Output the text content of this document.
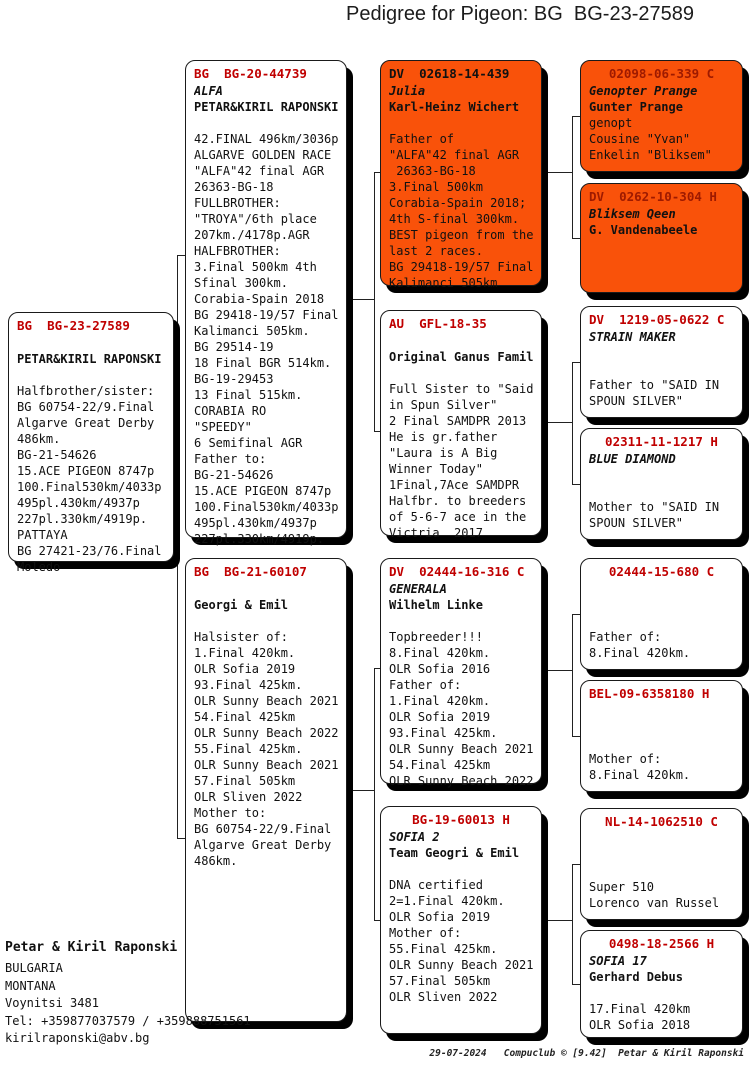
Pedigree for Pigeon: BG  BG-23-27589
BG  BG-23-27589

PETAR&KIRIL RAPONSKI

Halfbrother/sister:
BG 60754-22/9.Final
Algarve Great Derby
486km.
BG-21-54626
15.ACE PIGEON 8747p
100.Final530km/4033p
495pl.430km/4937p
227pl.330km/4919p.
PATTAYA
BG 27421-23/76.Final
Moledo
BG  BG-20-44739
ALFA
PETAR&KIRIL RAPONSKI

42.FINAL 496km/3036p
ALGARVE GOLDEN RACE
"ALFA"42 final AGR
26363-BG-18
FULLBROTHER:
"TROYA"/6th place
207km./4178p.AGR
HALFBROTHER:
3.Final 500km 4th
Sfinal 300km.
Corabia-Spain 2018
BG 29418-19/57 Final
Kalimanci 505km.
BG 29514-19
18 Final BGR 514km.
BG-19-29453
13 Final 515km.
CORABIA RO
"SPEEDY"
6 Semifinal AGR
Father to:
BG-21-54626
15.ACE PIGEON 8747p
100.Final530km/4033p
495pl.430km/4937p
227pl.330km/4919p.
BG  BG-21-60107

Georgi & Emil

Halsister of:
1.Final 420km.
OLR Sofia 2019
93.Final 425km.
OLR Sunny Beach 2021
54.Final 425km
OLR Sunny Beach 2022
55.Final 425km.
OLR Sunny Beach 2021
57.Final 505km
OLR Sliven 2022
Mother to:
BG 60754-22/9.Final
Algarve Great Derby
486km.
DV  02618-14-439
Julia
Karl-Heinz Wichert

Father of
"ALFA"42 final AGR
26363-BG-18
3.Final 500km
Corabia-Spain 2018;
4th S-final 300km.
BEST pigeon from the
last 2 races.
BG 29418-19/57 Final
Kalimanci 505km
AU  GFL-18-35

Original Ganus Famil

Full Sister to "Said
in Spun Silver"
2 Final SAMDPR 2013
He is gr.father
"Laura is A Big
Winner Today"
1Final,7Ace SAMDPR
Halfbr. to breeders
of 5-6-7 ace in the
Victria  2017
DV  02444-16-316 C
GENERALA
Wilhelm Linke

Topbreeder!!!
8.Final 420km.
OLR Sofia 2016
Father of:
1.Final 420km.
OLR Sofia 2019
93.Final 425km.
OLR Sunny Beach 2021
54.Final 425km
OLR Sunny Beach 2022
BG-19-60013 H
SOFIA 2
Team Geogri & Emil

DNA certified
2=1.Final 420km.
OLR Sofia 2019
Mother of:
55.Final 425km.
OLR Sunny Beach 2021
57.Final 505km
OLR Sliven 2022
02098-06-339 C
Genopter Prange
Gunter Prange
genopt
Cousine "Yvan"
Enkelin "Bliksem"
DV  0262-10-304 H
Bliksem Qeen
G. Vandenabeele
DV  1219-05-0622 C
STRAIN MAKER

Father to "SAID IN
SPOUN SILVER"
02311-11-1217 H
BLUE DIAMOND

Mother to "SAID IN
SPOUN SILVER"
02444-15-680 C

Father of:
8.Final 420km.
BEL-09-6358180 H

Mother of:
8.Final 420km.
NL-14-1062510 C

Super 510
Lorenco van Russel
0498-18-2566 H
SOFIA 17
Gerhard Debus

17.Final 420km
OLR Sofia 2018
Petar & Kiril Raponski
BULGARIA
MONTANA
Voynitsi 3481
Tel: +359877037579 / +359888751561
kirilraponski@abv.bg
29-07-2024   Compuclub © [9.42]  Petar & Kiril Raponski
